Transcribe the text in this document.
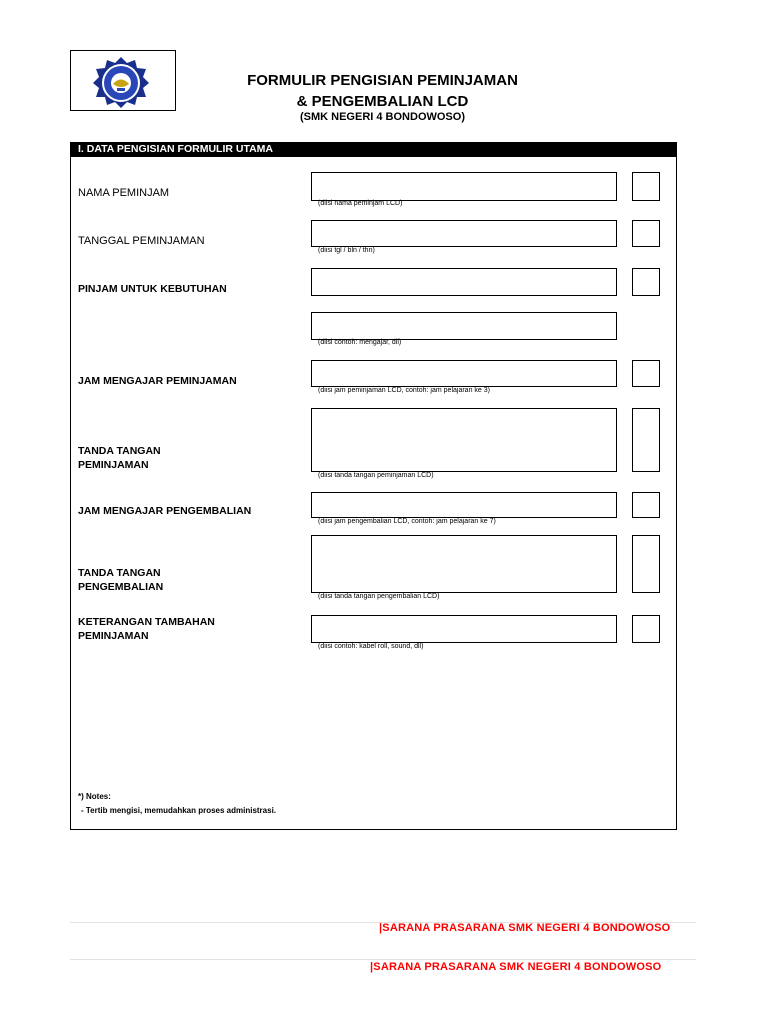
FORMULIR PENGISIAN PEMINJAMAN
& PENGEMBALIAN LCD
(SMK NEGERI 4 BONDOWOSO)
I. DATA PENGISIAN FORMULIR UTAMA
NAMA PEMINJAM
(diisi nama peminjam LCD)
TANGGAL PEMINJAMAN
(diisi tgl / bln / thn)
PINJAM UNTUK KEBUTUHAN
(diisi contoh: mengajar, dll)
JAM MENGAJAR PEMINJAMAN
(diisi jam peminjaman LCD, contoh: jam pelajaran ke 3)
TANDA TANGAN
PEMINJAMAN
(diisi tanda tangan peminjaman LCD)
JAM MENGAJAR PENGEMBALIAN
(diisi jam pengembalian LCD, contoh: jam pelajaran ke 7)
TANDA TANGAN
PENGEMBALIAN
(diisi tanda tangan pengembalian LCD)
KETERANGAN TAMBAHAN
PEMINJAMAN
(diisi contoh: kabel roll, sound, dll)
*) Notes:
- Tertib mengisi, memudahkan proses administrasi.
|SARANA PRASARANA SMK NEGERI 4 BONDOWOSO
|SARANA PRASARANA SMK NEGERI 4 BONDOWOSO
